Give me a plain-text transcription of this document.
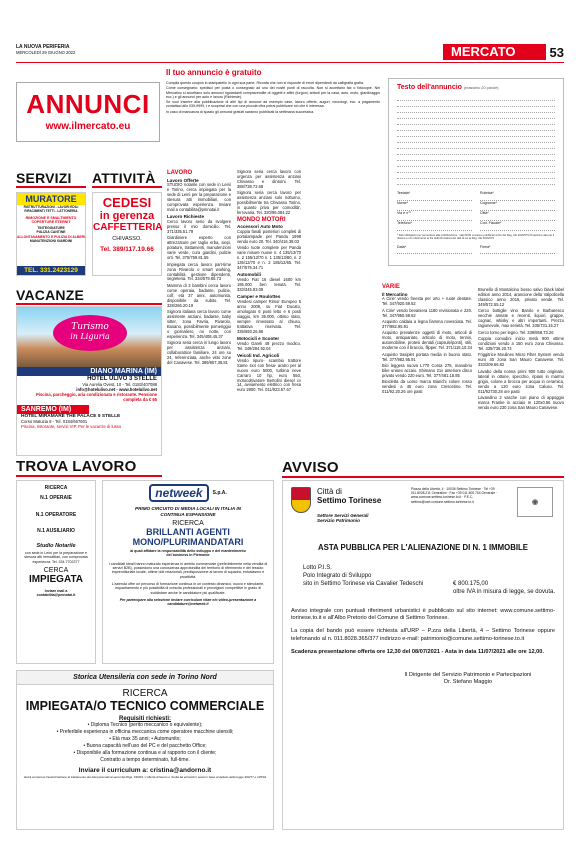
LA NUOVA PERIFERIA
MERCOLEDÌ 29 GIUGNO 2022	MERCATO	53
ANNUNCI
www.ilmercato.eu
Il tuo annuncio è gratuito

Compila questo coupon in stampatello in ogni sua parte. Ricorda che non si risponde di errori dipendenti da calligrafia grafia.

Come consegnarlo: spedisci per posta o consegnalo ad uno dei nostri punti di raccolta. Non si accettano fax o fotocopie. Nel Mercatino si accettano solo annunci riguardanti compravendite di oggetti e affini (furgoni, articoli per la casa, auto, moto, giardinaggio ecc.) e gli annunci per auto e lavoro (Richieste).

Se vuoi inserire alla pubblicazione di altri tipi di annunci ad esempio case, lavoro offerte, auguri, necrologi, ecc. a pagamento contattaci allo 039-9999, t e scoprirai che con una piccola cifra potrai pubblicare ciò che ti interessa.

In caso di mancanza di spazio gli annunci gratuiti saranno pubblicati la settimana successiva.

Testo dell'annuncio (massimo 20 parole)
Testata*
Nome*
Via e n°*
Telefono*
Rubrica*
Cognome*
Città*
Cod. Fiscale*
* Dati obbligatori per permettere alla pubblicazione. I dati NON verranno pubblicati ai fini del Reg. UE 2016/679 Protezione dati per il rilascio e con riferimento ai fini dell'informativa dei dati di cui al Reg. UE 2016/679
Data*	Firma*
SERVIZI	ATTIVITÀ
MURATORE
RISTRUTTURAZIONI - LAVORI EDILI
RIFACIMENTI TETTI - LATTONERIA
RIMOZIONE E SMALTIMENTO COPERTURE ETERNIT
TINTEGGIATURE
PULIZIA CANTINE
ALLONTANAMENTO E PULIZIA DI ALBERI
MANUTENZIONI GIARDINI
TEL. 331.2423129
CEDESI
in gerenza
CAFFETTERIA
CHIVASSO.
Tel. 389/117.19.66
VACANZE
Turismo
in Liguria
DIANO MARINA (IM)
HOTEL ULIVO 3 STELLE
Via Aurelia Ovest, 10 - Tel. 0183/407088
info@hotelulivo.net - www.hotelulivo.net
Piscina, parcheggio, aria condizionata e ristorante. Pensione completa da € 65
SANREMO (IM)
HOTEL MIRAMARE THE PALACE 5 STELLE
Corso Matuzia 9 - Tel. 0184/667601
Piscina, ristorante, servizi VIP. Per le vacanze di lusso
LAVORO
Lavoro Offerte

STUDIO notarile con sede in Leinì e Torino, cerca impiegata per la sede di Leinì per la preparazione e stesura atti immobiliari, con comprovata esperienza. Inviare mail a contabilita@pmnotai.it

Lavoro Richieste

Cerco lavoro serio da svolgere presso il mio domicilio. Tel. 371/335.51.79

Giardiniere esperto con attrezzature per taglio erba, siepi, potature, trattamenti, manutenzioni varie verde, cura giardini, pulizie orti. Tel. 375/759.81.55

Impiegata cerca lavoro part-time zona Rivarolo o smart working, contabilità, gestione dipendenti, segreteria. Tel. 334/579.85.73

Mamma di 3 bambini cerca lavoro come operaia, badante, pulizie, colf, età 37 anni, automunita, disponibile da subito. Tel. 328/266.20.19

Signora italiana cerca lavoro come assistente anziani, badante, baby sitter, zona Favria, Rivarolo, Busano, possibilmente pomeriggio o giornaliero, no notte, con esperienza. Tel. 345/408.45.37

Signora seria cerca in lungo lavoro per assistenza anziani, collaboratrice familiare, 24 ore su 24, referenziata, anche vitto zone del Canavese. Tel. 389/657.38.81

Signora seria cerca lavoro con urgenza per assistenza anziani Chivasso e dintorni. Tel. 388/738.72.68

Signora seria cerca lavoro per assistenza anziani solo notturno, possibilmente tra Chivasso Torino, in quanto priva per comodità', ferrovaria. Tel. 320/95.084.22

MONDO MOTORI
Accessori Auto Moto

Coppia fanali posteriori completi di portalampade per Panda 1998 vendo euro 20. Tel. 340/416.38.03

Vendo ruote complete per Panda varie misure nuove n. 4 135/13/70 n. 2 155/13/70 n. 1 135/13/80, n. 2 135/12/70 e n. 2 185/12/65. Tel. 347/575.34.71

Automobili

Vendo Fiat 16 diesel 1600 km 195.000 ben tenuta. Tel. 333/345.93.08

Camper e Roulottes

Vendesi camper Rimor Europeo 5 anno 2009, su Fiat Ducato, omologato 6 posti letto e 6 posti viaggio, km 36.000, ottimo stato, sempre rimessato al chiuso, trattativa riservata. Tel. 335/693.26.86

Motocicli e Scooter

Vendo Gareli 48 prezzo modico. Tel. 349/284.92.04

Veicoli Ind. Agricoli

Vendo ripuro- scambio trattore Same 4x4 con fresa- aratro per al nuovo euro 5000, turbina neve Carraro 10 hp, euro 550, motocoltivatore Bertolini diesel cv 14, avviamento elettrico con fresa euro 2800. Tel. 011/923.57.67

VARIE
Il Mercatino

A Cirie' vendo freesta per orto + ruote dentate. Tel. 347/920.59.52

A Cirie' vendo bevaniera 1180 revisionata e 220. Tel. 347/950.59.52

Acquisto caldaia a legna fiamma rovesciata. Tel. 377/982.95.91

Acquisto prevalenze oggetti di moto, articoli di moto, antiquariato, articolo di moto, tennis, automobiline, protesi dentali (capsule/ponti), stili, moderne con il braccio, flipper. Tel. 371/115.10.34

Acquisto trasiplet portata media in buono stato. Tel. 377/982.95.91

Bici leggera nuova L770 Corsa 275, manubrio bike unisex accaio. Shimano 21v anteriore disco privato vendo 220 euro. Tel. 377/481.18.85

Bicicletta da uomo marca Bianchi colore rosso vendesi a 45 euro zona Crescetino. Tel. 011/92.20.26 ore pasti

Brunello di Montalcino bosso salvo black label edition anno 2014, arancione della Valpolicella classico anno 2016, privato vende. Tel. 349/572.55.12

Cerco bottiglie vino Barolo e Barbaresco vecchie annate e recenti, liquori, grappe, cognac, whisky e altri importanti. Prezzo ragionevole, max serietà. Tel. 335/731.15.27

Cerco torno per legno. Tel. 339/858.73.26

Coppia comodini inizio metà 900 ottime condizioni vendo a 150 euro zona Chivasso. Tel. 335/736.20.74

Friggitrice Moulinex Micro Filter System vendo euro 40 zona San Mauro Canavese. Tel. 333/209.66.82

Lavabo della nonna primi 900 tutto originale, lateral in ottone, specchio, ripiani in marmo grigio, colone a brocca per acqua in ceramica, vendo a 120 euro zona Caluso. Tel. 011/92730.28 ore pasti

Lavandino 2 vasche con piano di appoggio marca Franke in acciaio m 120x0.56 nuovo vendo euro 230 zona San Mauro Canavese.

TROVA LAVORO
RICERCA
N.1 OPERAIE
N.1 OPERATORE
N.1 AUSILIARIO
Studio Notarile
con sede in Leinì per la preparazione e stesura atti immobiliari, con comprovata esperienza. Tel. 334.7702377
CERCA
IMPIEGATA
Inviare mail a
contabilita@pmnotai.it
netweek	S.p.A.
PRIMO CIRCUITO DI MEDIA LOCALI IN ITALIA IN CONTINUA ESPANSIONE
RICERCA
BRILLANTI AGENTI
MONO/PLURIMANDATARI
ai quali affidare la responsabilità dello sviluppo e del mantenimento del business in Piemonte
I candidati ideali hanno maturato esperienza in ambito commerciale (preferibilmente nella vendita di servizi B2B), possiedono una conoscenza approfondita del territorio di riferimento e del tessuto imprenditoriale locale, ottime doti relazionali, predisposizione al lavoro di squadra, entusiasmo e proattività.
L'azienda offre un percorso di formazione continua in un contesto dinamico, nuovo e stimolante, inquadramento e più possibilità di crescita professionali e provvigioni competitive in grado di soddisfare anche le candidature più qualificate.
Per partecipare alla selezione inviare curriculum vitae e/o video-presentazione a candidature@netweek.it
Storica Utensileria con sede in Torino Nord
RICERCA
IMPIEGATA/O TECNICO COMMERCIALE
Requisiti richiesti:
• Diploma Tecnico (perito meccanico o equivalente);
• Preferibile esperienza in officina meccanica come operatore macchine utensili;
• Età max 35 anni; • Automunito;
• Buona capacità nell'uso del PC e del pacchetto Office;
• Disponibile alla formazione continua e al rapporto con il cliente;
Contratto a tempo determinato, full-time.
Inviare il curriculum a: cristina@andorno.it
dovrà contenere l'autorizzazione al trattamento dei dati personali ai sensi del Dlgs. 196/03. L'offerta di lavoro è rivolta ad entrambi i sessi in base al dettato della legge 903/77 e 125/91
AVVISO
Città di
Settimo Torinese
Settore Servizi Generali
Servizio Patrimonio
Piazza della Libertà, 4 · 10036 Settimo Torinese · Tel +39 011.8028.211 Centralino · Fax +39 011.800.754 Generale · www.comune.settimo-torinese.to.it · P.E.C. settimo@cert.comune.settimo-torinese.to.it	◉
ASTA PUBBLICA PER L'ALIENAZIONE DI N. 1 IMMOBILE
Lotto P.I.S.
Polo Integrato di Sviluppo
sito in Settimo Torinese via Cavalier Tedeschi	€ 800.175,00
oltre IVA in misura di legge, se dovuta.
Avviso integrale con puntuali riferimenti urbanistici è pubblicato sul sito internet: www.comune.settimo-torinese.to.it e all'Albo Pretorio del Comune di Settimo Torinese.
La copia del bando può essere richiesta all'URP – P.zza della Libertà, 4 – Settimo Torinese oppure telefonando al n. 011.8028.365/377 indirizzo e-mail: patrimonio@comune.settimo-torinese.to.it
Scadenza presentazione offerta ore 12,30 del 08/07/2021 - Asta in data 11/07/2021 alle ore 12,00.
Il Dirigente del Servizio Patrimonio e Partecipazioni
Dr. Stefano Maggio
